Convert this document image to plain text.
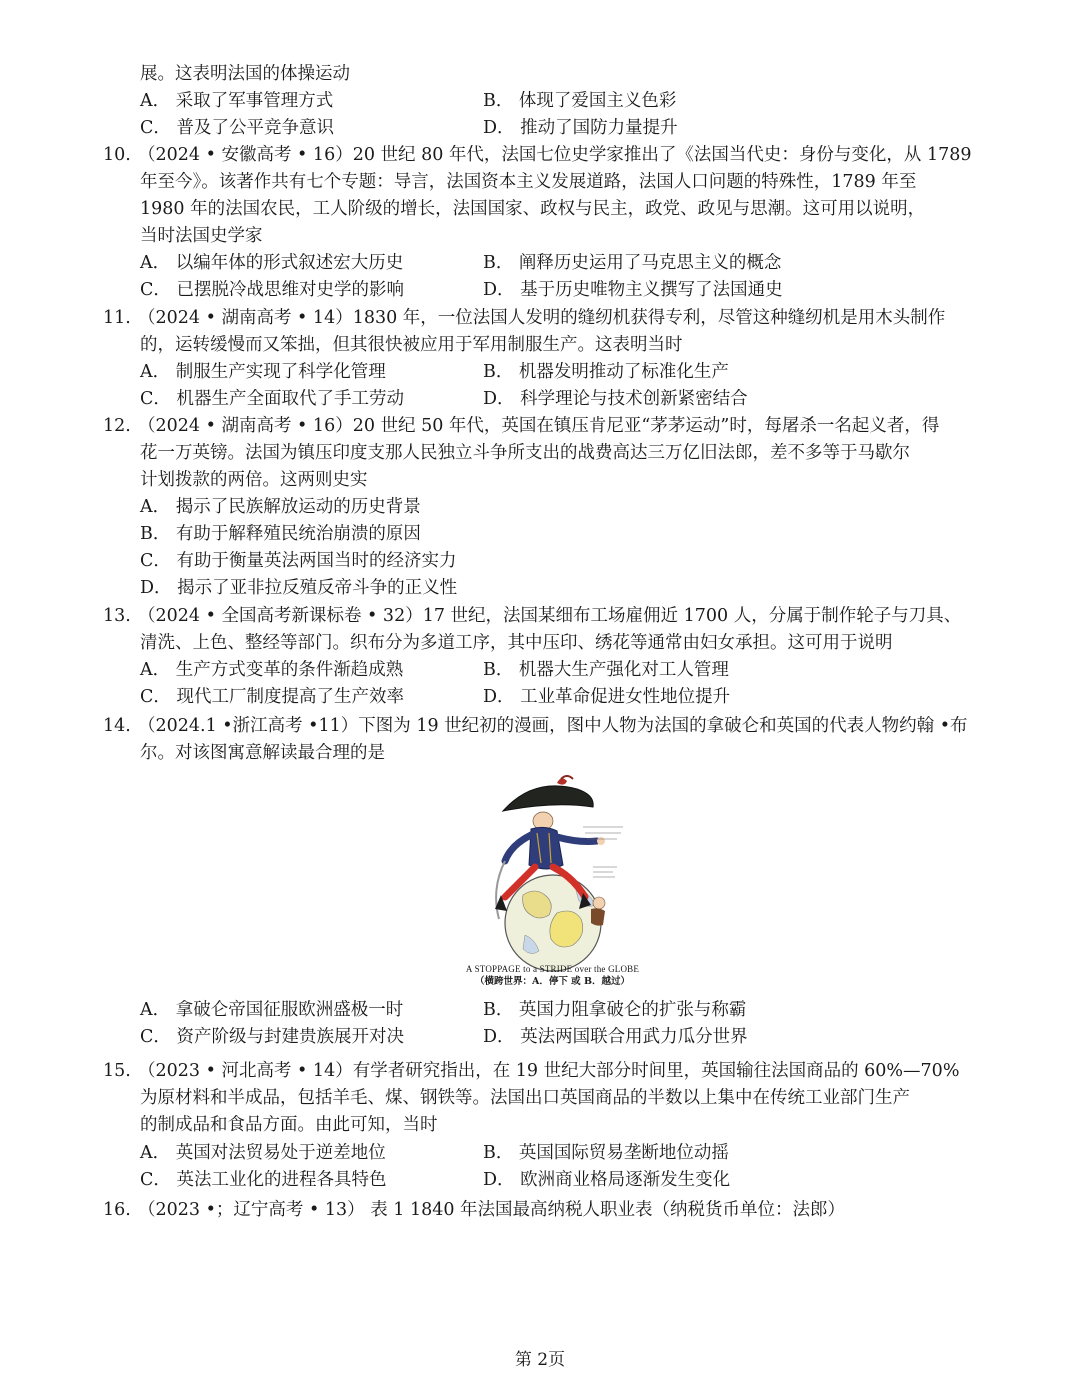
展。这表明法国的体操运动
A． 采取了军事管理方式	B． 体现了爱国主义色彩
C． 普及了公平竞争意识	D． 推动了国防力量提升
10. （2024 • 安徽高考 • 16）20 世纪 80 年代，法国七位史学家推出了《法国当代史：身份与变化，从 1789
年至今》。该著作共有七个专题：导言，法国资本主义发展道路，法国人口问题的特殊性，1789 年至
1980 年的法国农民，工人阶级的增长，法国国家、政权与民主，政党、政见与思潮。这可用以说明，
当时法国史学家
A． 以编年体的形式叙述宏大历史	B． 阐释历史运用了马克思主义的概念
C． 已摆脱冷战思维对史学的影响	D． 基于历史唯物主义撰写了法国通史
11. （2024 • 湖南高考 • 14）1830 年，一位法国人发明的缝纫机获得专利，尽管这种缝纫机是用木头制作
的，运转缓慢而又笨拙，但其很快被应用于军用制服生产。这表明当时
A． 制服生产实现了科学化管理	B． 机器发明推动了标准化生产
C． 机器生产全面取代了手工劳动	D． 科学理论与技术创新紧密结合
12. （2024 • 湖南高考 • 16）20 世纪 50 年代，英国在镇压肯尼亚“茅茅运动”时，每屠杀一名起义者，得
花一万英镑。法国为镇压印度支那人民独立斗争所支出的战费高达三万亿旧法郎，差不多等于马歇尔
计划拨款的两倍。这两则史实
A． 揭示了民族解放运动的历史背景
B． 有助于解释殖民统治崩溃的原因
C． 有助于衡量英法两国当时的经济实力
D． 揭示了亚非拉反殖反帝斗争的正义性
13. （2024 • 全国高考新课标卷 • 32）17 世纪，法国某细布工场雇佣近 1700 人，分属于制作轮子与刀具、
清洗、上色、整经等部门。织布分为多道工序，其中压印、绣花等通常由妇女承担。这可用于说明
A． 生产方式变革的条件渐趋成熟	B． 机器大生产强化对工人管理
C． 现代工厂制度提高了生产效率	D． 工业革命促进女性地位提升
14. （2024.1 •浙江高考 •11）下图为 19 世纪初的漫画，图中人物为法国的拿破仑和英国的代表人物约翰 •布
尔。对该图寓意解读最合理的是
A STOPPAGE to a STRIDE over the GLOBE
（横跨世界：A．停下 或 B．越过）
A． 拿破仑帝国征服欧洲盛极一时	B． 英国力阻拿破仑的扩张与称霸
C． 资产阶级与封建贵族展开对决	D． 英法两国联合用武力瓜分世界
15. （2023 • 河北高考 • 14）有学者研究指出，在 19 世纪大部分时间里，英国输往法国商品的 60%—70%
为原材料和半成品，包括羊毛、煤、钢铁等。法国出口英国商品的半数以上集中在传统工业部门生产
的制成品和食品方面。由此可知，当时
A． 英国对法贸易处于逆差地位	B． 英国国际贸易垄断地位动摇
C． 英法工业化的进程各具特色	D． 欧洲商业格局逐渐发生变化
16. （2023 •；辽宁高考 • 13） 表 1 1840 年法国最高纳税人职业表（纳税货币单位：法郎）
第 2页
